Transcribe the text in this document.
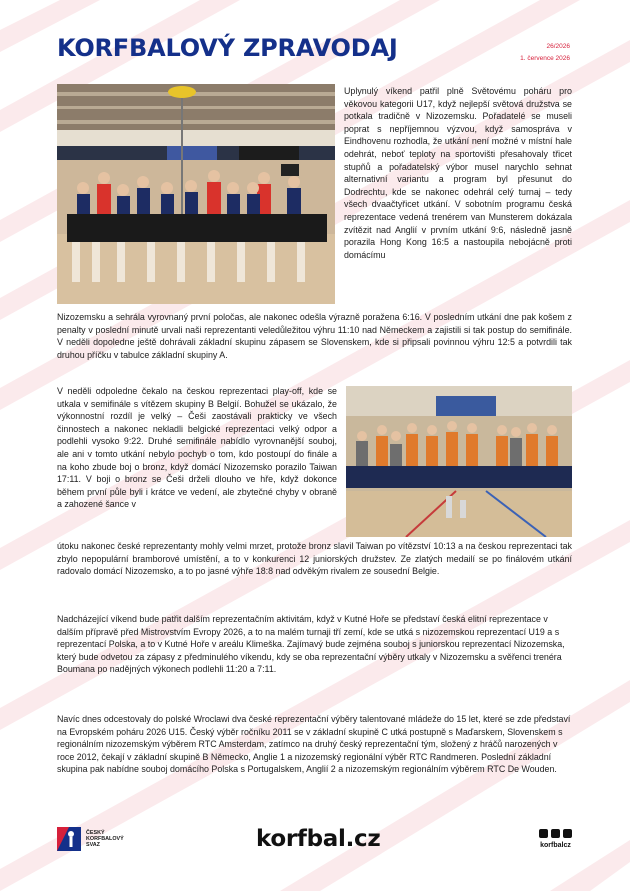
KORFBALOVÝ ZPRAVODAJ	26/2026
1. července 2026

Uplynulý víkend patřil plně Světovému poháru pro věkovou kategorii U17, když nejlepší světová družstva se potkala tradičně v Nizozemsku. Pořadatelé se museli poprat s nepříjemnou výzvou, když samospráva v Eindhovenu rozhodla, že utkání není možné v místní hale odehrát, neboť teploty na sportovišti přesahovaly třicet stupňů a pořadatelský výbor musel narychlo sehnat alternativní variantu a program byl přesunut do Dodrechtu, kde se nakonec odehrál celý turnaj – tedy všech dvaačtyřicet utkání. V sobotním programu česká reprezentace vedená trenérem van Munsterem dokázala zvítězit nad Anglií v prvním utkání 9:6, následně jasně porazila Hong Kong 16:5 a nastoupila nebojácně proti domácímu

Nizozemsku a sehrála vyrovnaný první poločas, ale nakonec odešla výrazně poražena 6:16. V posledním utkání dne pak košem z penalty v poslední minutě urvali naši reprezentanti veledůležitou výhru 11:10 nad Německem a zajistili si tak postup do semifinále. V neděli dopoledne ještě dohrávali základní skupinu zápasem se Slovenskem, kde si připsali povinnou výhru 12:5 a potvrdili tak druhou příčku v tabulce základní skupiny A.

V neděli odpoledne čekalo na českou reprezentaci play-off, kde se utkala v semifinále s vítězem skupiny B Belgií. Bohužel se ukázalo, že výkonnostní rozdíl je velký – Češi zaostávali prakticky ve všech činnostech a nakonec nekladli belgické reprezentaci velký odpor a podlehli vysoko 9:22. Druhé semifinále nabídlo vyrovnanější souboj, ale ani v tomto utkání nebylo pochyb o tom, kdo postoupí do finále a na koho zbude boj o bronz, když domácí Nizozemsko porazilo Taiwan 17:11. V boji o bronz se Češi drželi dlouho ve hře, když dokonce během první půle byli i krátce ve vedení, ale zbytečné chyby v obraně a zahozené šance v

útoku nakonec české reprezentanty mohly velmi mrzet, protože bronz slavil Taiwan po vítězství 10:13 a na českou reprezentaci tak zbylo nepopulární bramborové umístění, a to v konkurenci 12 juniorských družstev. Ze zlatých medailí se po finálovém utkání radovalo domácí Nizozemsko, a to po jasné výhře 18:8 nad odvěkým rivalem ze sousední Belgie.

Nadcházející víkend bude patřit dalším reprezentačním aktivitám, když v Kutné Hoře se představí česká elitní reprezentace v dalším přípravě před Mistrovstvím Evropy 2026, a to na malém turnaji tří zemí, kde se utká s nizozemskou reprezentací U19 a s reprezentací Polska, a to v Kutné Hoře v areálu Klimeška. Zajímavý bude zejména souboj s juniorskou reprezentací Nizozemska, který bude odvetou za zápasy z předminulého víkendu, kdy se oba reprezentační výběry utkaly v Nizozemsku a svěřenci trenéra Boumana po nadějných výkonech podlehli 11:20 a 7:11.

Navíc dnes odcestovaly do polské Wroclawi dva české reprezentační výběry talentované mládeže do 15 let, které se zde představí na Evropském poháru 2026 U15. Český výběr ročníku 2011 se v základní skupině C utká postupně s Maďarskem, Slovenskem s regionálním nizozemským výběrem RTC Amsterdam, zatímco na druhý český reprezentační tým, složený z hráčů narozených v roce 2012, čekají v základní skupině B Německo, Anglie 1 a nizozemský regionální výběr RTC Randmeren. Poslední základní skupina pak nabídne souboj domácího Polska s Portugalskem, Anglií 2 a nizozemským regionálním výběrem RTC De Wouden.

ČESKÝ
KORFBALOVÝ
SVAZ	korfbal.cz	korfbalcz
